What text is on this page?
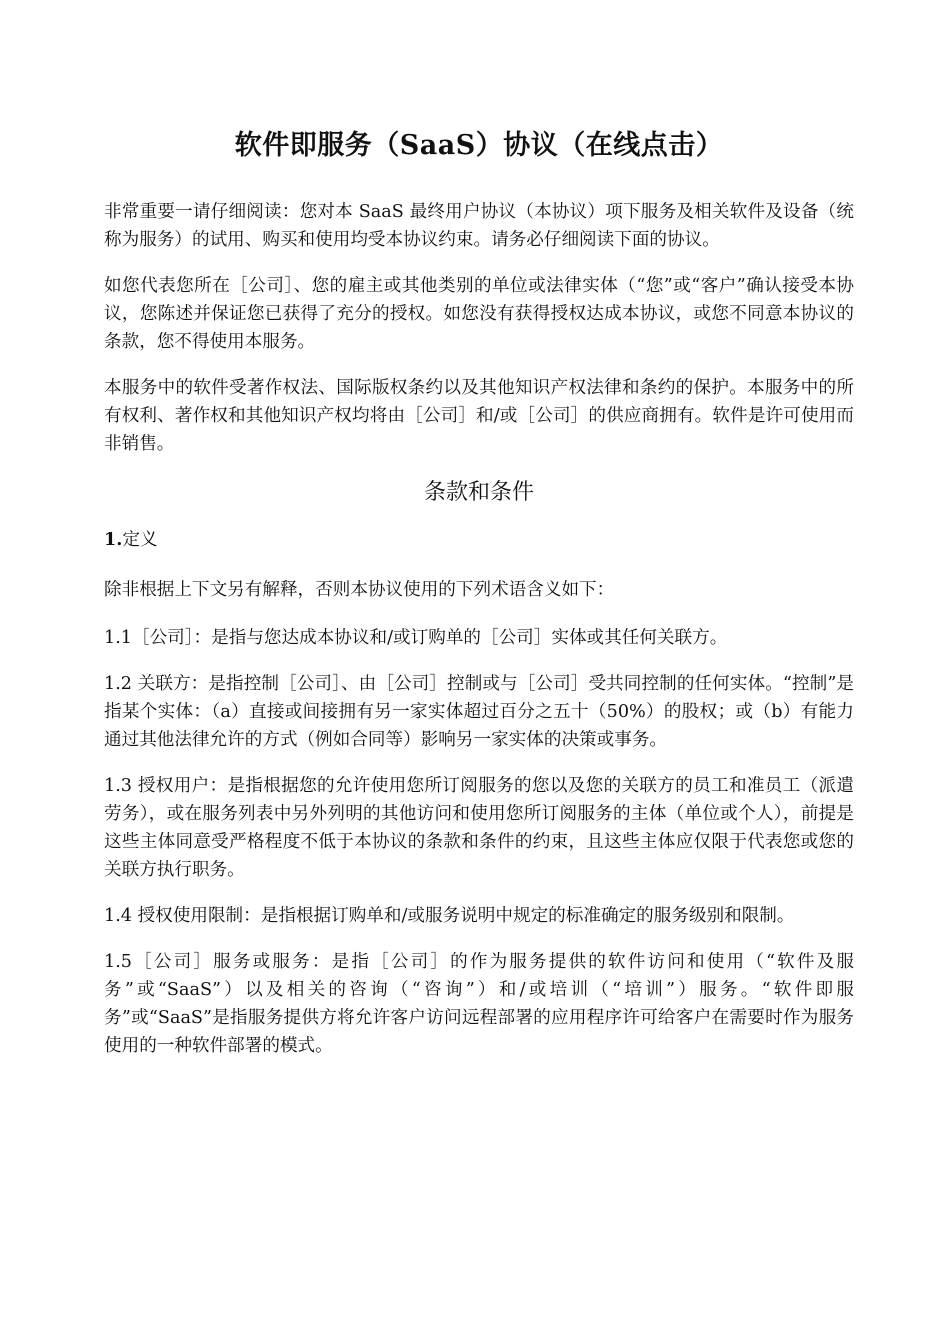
软件即服务（SaaS）协议（在线点击）

非常重要一请仔细阅读：您对本 SaaS 最终用户协议（本协议）项下服务及相关软件及设备（统称为服务）的试用、购买和使用均受本协议约束。请务必仔细阅读下面的协议。

如您代表您所在［公司］、您的雇主或其他类别的单位或法律实体（“您”或“客户”确认接受本协议，您陈述并保证您已获得了充分的授权。如您没有获得授权达成本协议，或您不同意本协议的条款，您不得使用本服务。

本服务中的软件受著作权法、国际版权条约以及其他知识产权法律和条约的保护。本服务中的所有权利、著作权和其他知识产权均将由［公司］和/或［公司］的供应商拥有。软件是许可使用而非销售。

条款和条件

1.定义

除非根据上下文另有解释，否则本协议使用的下列术语含义如下：

1.1［公司］：是指与您达成本协议和/或订购单的［公司］实体或其任何关联方。

1.2 关联方：是指控制［公司］、由［公司］控制或与［公司］受共同控制的任何实体。“控制”是指某个实体：（a）直接或间接拥有另一家实体超过百分之五十（50%）的股权；或（b）有能力通过其他法律允许的方式（例如合同等）影响另一家实体的决策或事务。

1.3 授权用户：是指根据您的允许使用您所订阅服务的您以及您的关联方的员工和准员工（派遣劳务），或在服务列表中另外列明的其他访问和使用您所订阅服务的主体（单位或个人），前提是这些主体同意受严格程度不低于本协议的条款和条件的约束，且这些主体应仅限于代表您或您的关联方执行职务。

1.4 授权使用限制：是指根据订购单和/或服务说明中规定的标准确定的服务级别和限制。

1.5［公司］服务或服务：是指［公司］的作为服务提供的软件访问和使用（“软件及服务”或“SaaS”）以及相关的咨询（“咨询”）和/或培训（“培训”）服务。“软件即服务”或“SaaS”是指服务提供方将允许客户访问远程部署的应用程序许可给客户在需要时作为服务使用的一种软件部署的模式。
